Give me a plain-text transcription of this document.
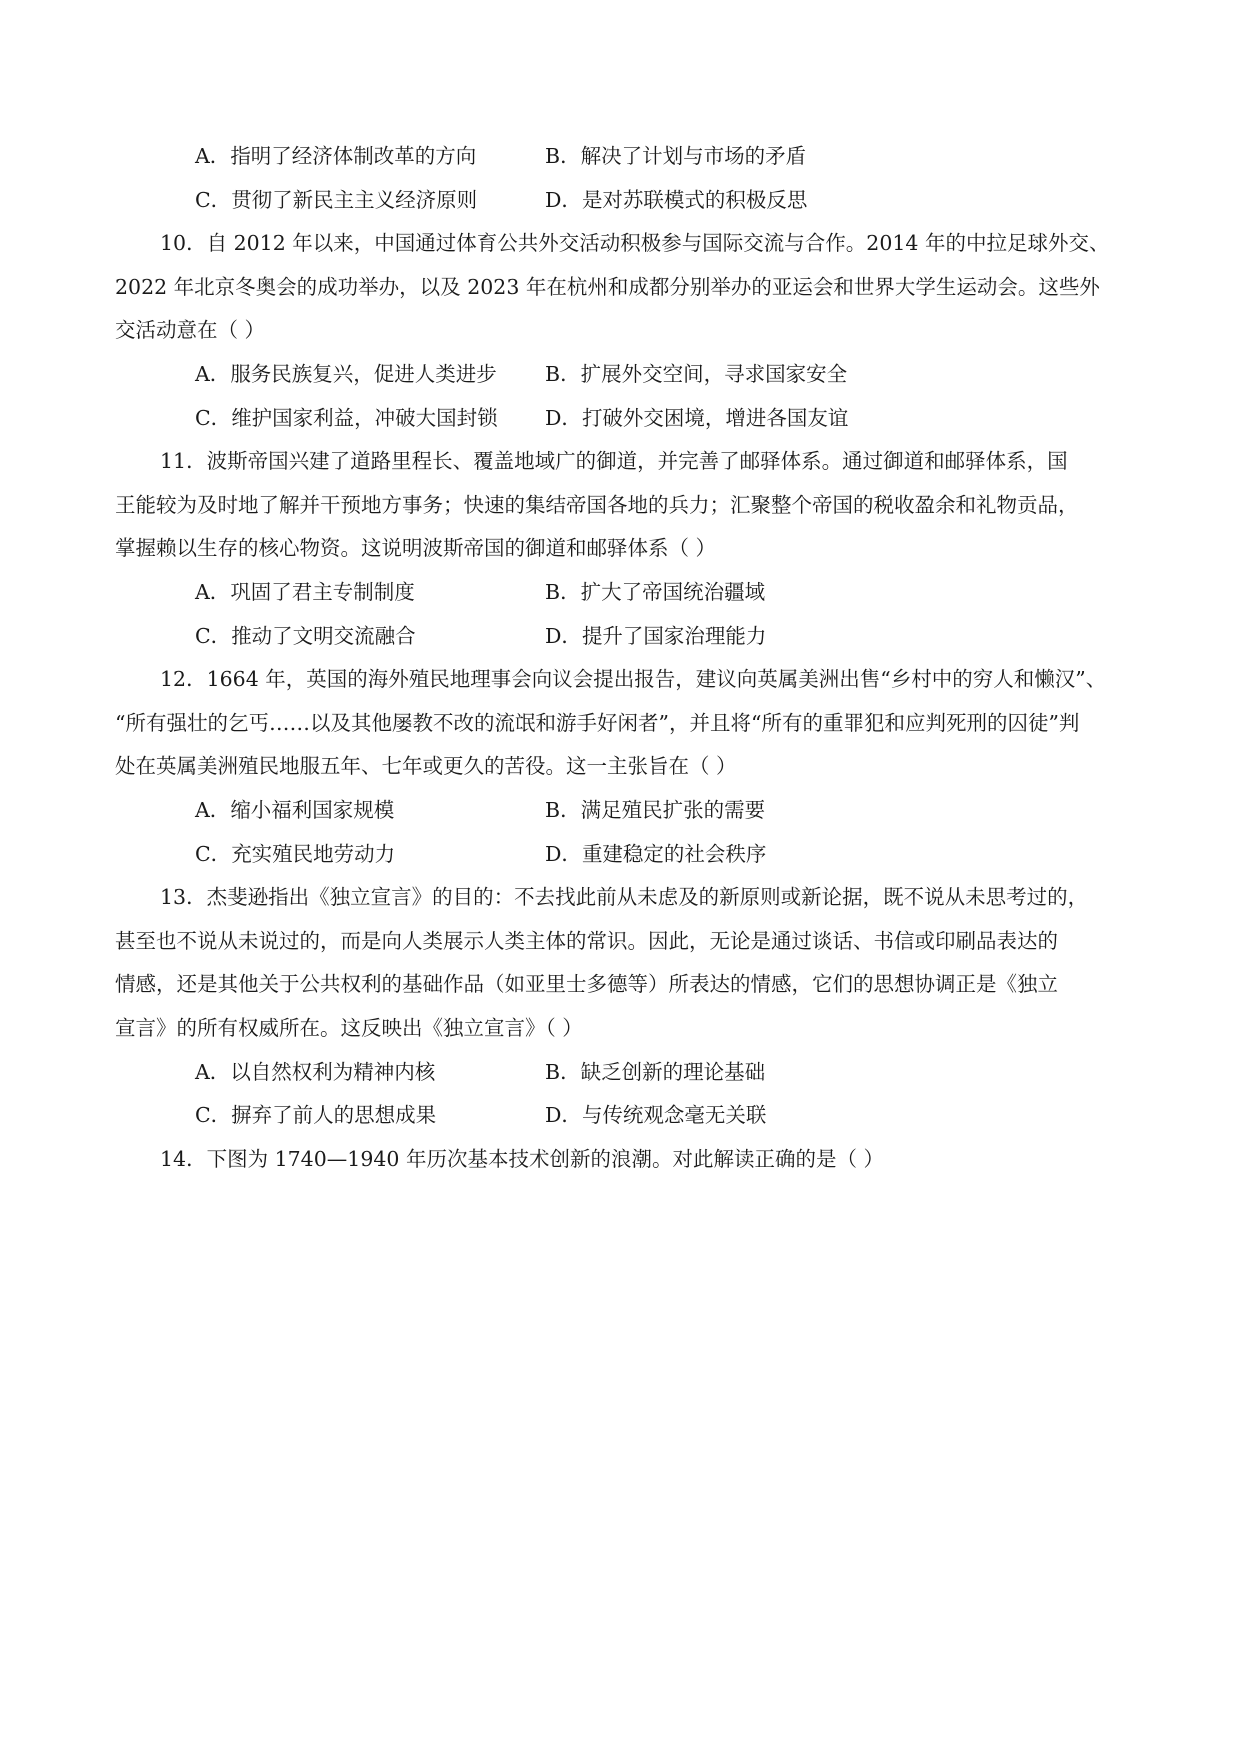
A．指明了经济体制改革的方向	B．解决了计划与市场的矛盾
C．贯彻了新民主主义经济原则	D．是对苏联模式的积极反思
10．自 2012 年以来，中国通过体育公共外交活动积极参与国际交流与合作。2014 年的中拉足球外交、
2022 年北京冬奥会的成功举办，以及 2023 年在杭州和成都分别举办的亚运会和世界大学生运动会。这些外
交活动意在（ ）
A．服务民族复兴，促进人类进步 B．扩展外交空间，寻求国家安全
C．维护国家利益，冲破大国封锁 D．打破外交困境，增进各国友谊
11．波斯帝国兴建了道路里程长、覆盖地域广的御道，并完善了邮驿体系。通过御道和邮驿体系，国
王能较为及时地了解并干预地方事务；快速的集结帝国各地的兵力；汇聚整个帝国的税收盈余和礼物贡品，
掌握赖以生存的核心物资。这说明波斯帝国的御道和邮驿体系（ ）
A．巩固了君主专制制度	B．扩大了帝国统治疆域
C．推动了文明交流融合	D．提升了国家治理能力
12．1664 年，英国的海外殖民地理事会向议会提出报告，建议向英属美洲出售“乡村中的穷人和懒汉”、
“所有强壮的乞丐……以及其他屡教不改的流氓和游手好闲者”，并且将“所有的重罪犯和应判死刑的囚徒”判
处在英属美洲殖民地服五年、七年或更久的苦役。这一主张旨在（ ）
A．缩小福利国家规模	B．满足殖民扩张的需要
C．充实殖民地劳动力	D．重建稳定的社会秩序
13．杰斐逊指出《独立宣言》的目的：不去找此前从未虑及的新原则或新论据，既不说从未思考过的，
甚至也不说从未说过的，而是向人类展示人类主体的常识。因此，无论是通过谈话、书信或印刷品表达的
情感，还是其他关于公共权利的基础作品（如亚里士多德等）所表达的情感，它们的思想协调正是《独立
宣言》的所有权威所在。这反映出《独立宣言》（ ）
A．以自然权利为精神内核	B．缺乏创新的理论基础
C．摒弃了前人的思想成果	D．与传统观念毫无关联
14．下图为 1740—1940 年历次基本技术创新的浪潮。对此解读正确的是（ ）
